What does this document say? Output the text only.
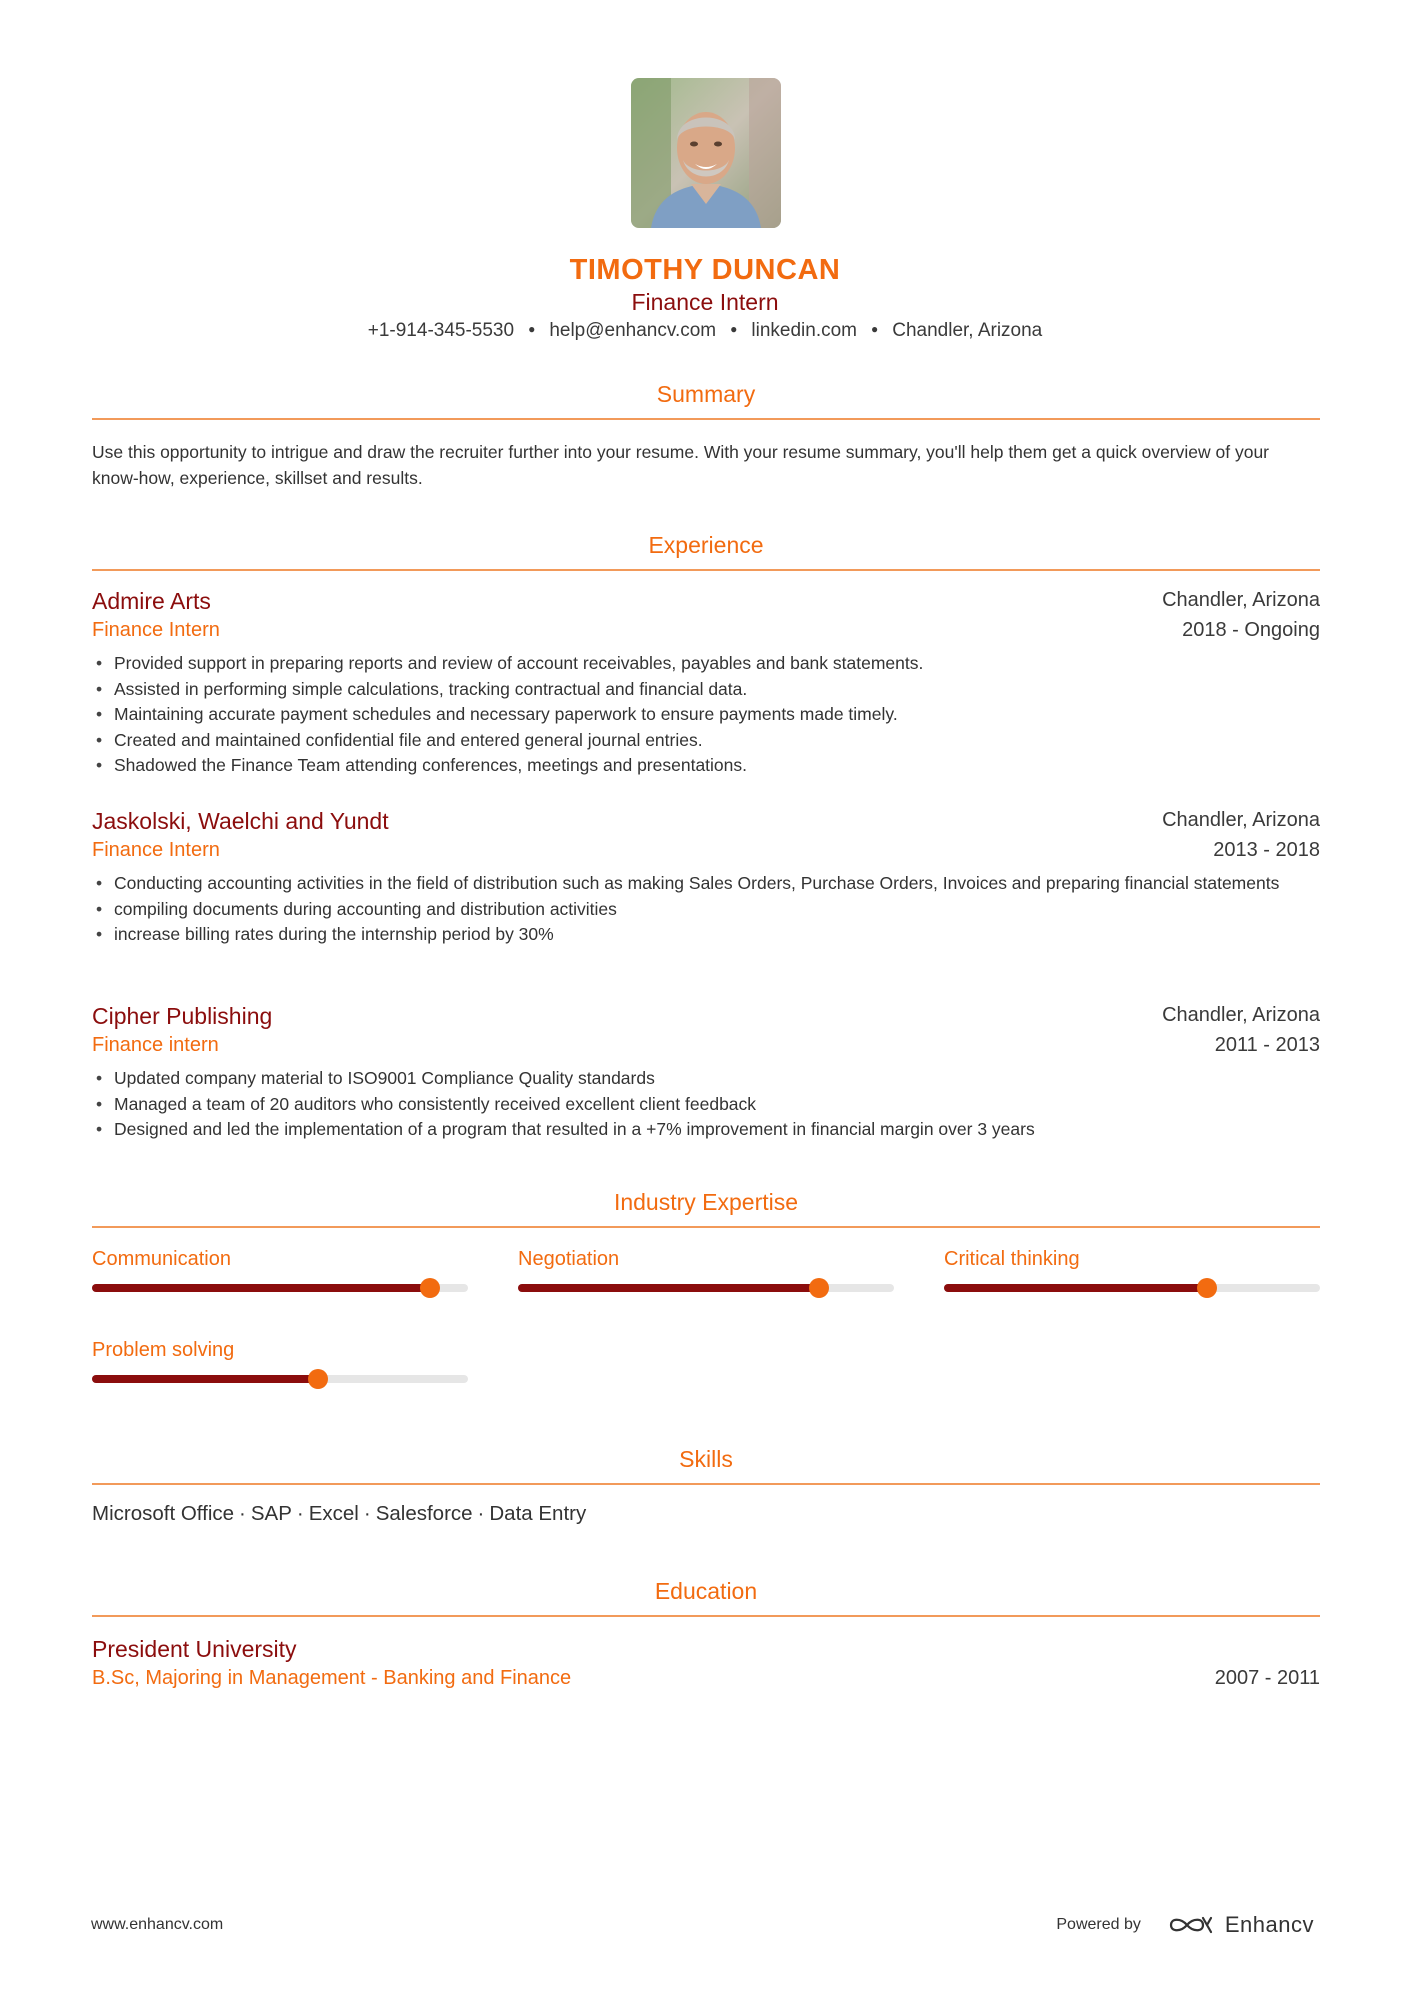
TIMOTHY DUNCAN
Finance Intern
+1-914-345-5530 ● help@enhancv.com ● linkedin.com ● Chandler, Arizona
Summary
Use this opportunity to intrigue and draw the recruiter further into your resume. With your resume summary, you'll help them get a quick overview of your know-how, experience, skillset and results.
Experience
Admire Arts	Chandler, Arizona
Finance Intern	2018 - Ongoing
• Provided support in preparing reports and review of account receivables, payables and bank statements.
• Assisted in performing simple calculations, tracking contractual and financial data.
• Maintaining accurate payment schedules and necessary paperwork to ensure payments made timely.
• Created and maintained confidential file and entered general journal entries.
• Shadowed the Finance Team attending conferences, meetings and presentations.
Jaskolski, Waelchi and Yundt	Chandler, Arizona
Finance Intern	2013 - 2018
• Conducting accounting activities in the field of distribution such as making Sales Orders, Purchase Orders, Invoices and preparing financial statements
• compiling documents during accounting and distribution activities
• increase billing rates during the internship period by 30%
Cipher Publishing	Chandler, Arizona
Finance intern	2011 - 2013
• Updated company material to ISO9001 Compliance Quality standards
• Managed a team of 20 auditors who consistently received excellent client feedback
• Designed and led the implementation of a program that resulted in a +7% improvement in financial margin over 3 years
Industry Expertise
Communication	Negotiation	Critical thinking
Problem solving
Skills
Microsoft Office · SAP · Excel · Salesforce · Data Entry
Education
President University
B.Sc, Majoring in Management - Banking and Finance	2007 - 2011
www.enhancv.com	Powered by	Enhancv
